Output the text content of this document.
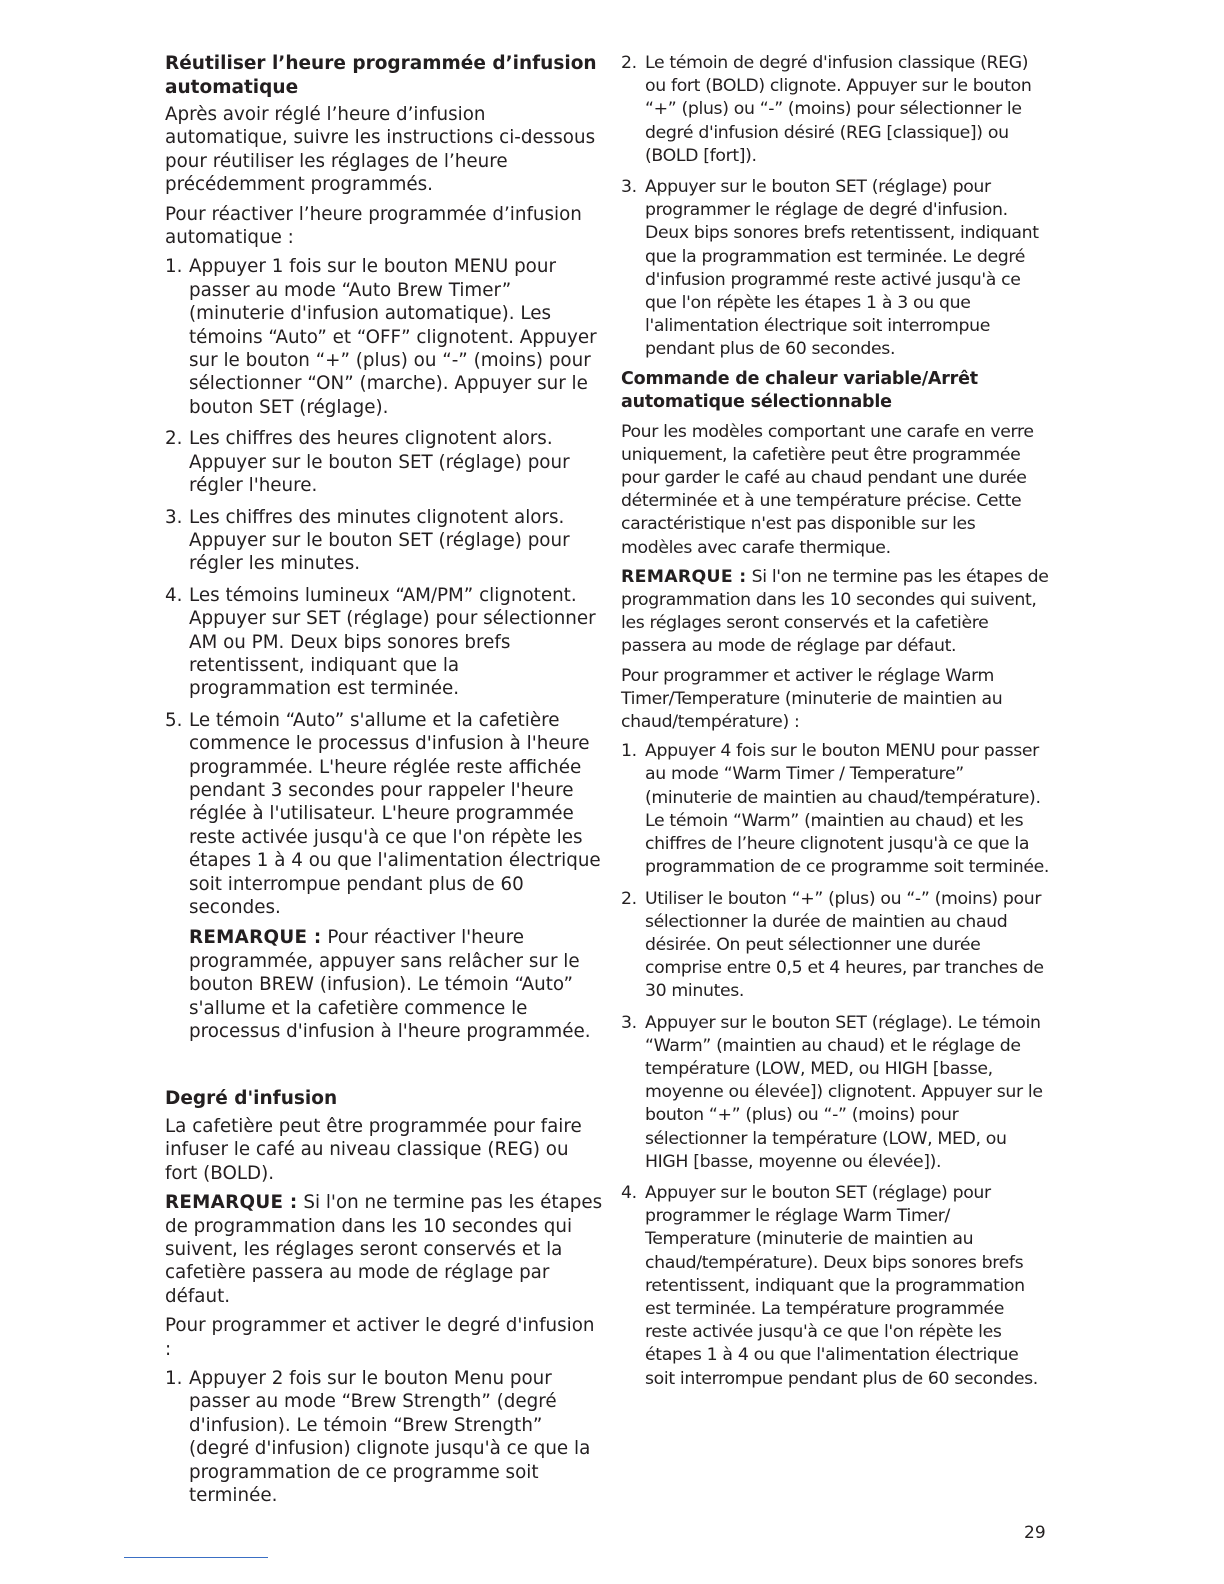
Réutiliser l’heure programmée d’infusion automatique

Après avoir réglé l’heure d’infusion automatique, suivre les instructions ci-dessous pour réutiliser les réglages de l’heure précédemment programmés.

Pour réactiver l’heure programmée d’infusion automatique :

1. Appuyer 1 fois sur le bouton MENU pour passer au mode “Auto Brew Timer” (minuterie d'infusion automatique). Les témoins “Auto” et “OFF” clignotent. Appuyer sur le bouton “+” (plus) ou “-” (moins) pour sélectionner “ON” (marche). Appuyer sur le bouton SET (réglage).
2. Les chiffres des heures clignotent alors. Appuyer sur le bouton SET (réglage) pour régler l'heure.
3. Les chiffres des minutes clignotent alors. Appuyer sur le bouton SET (réglage) pour régler les minutes.
4. Les témoins lumineux “AM/PM” clignotent. Appuyer sur SET (réglage) pour sélectionner AM ou PM. Deux bips sonores brefs retentissent, indiquant que la programmation est terminée.
5. Le témoin “Auto” s'allume et la cafetière commence le processus d'infusion à l'heure programmée. L'heure réglée reste affichée pendant 3 secondes pour rappeler l'heure réglée à l'utilisateur. L'heure programmée reste activée jusqu'à ce que l'on répète les étapes 1 à 4 ou que l'alimentation électrique soit interrompue pendant plus de 60 secondes.

REMARQUE : Pour réactiver l'heure programmée, appuyer sans relâcher sur le bouton BREW (infusion). Le témoin “Auto” s'allume et la cafetière commence le processus d'infusion à l'heure programmée.

Degré d'infusion

La cafetière peut être programmée pour faire infuser le café au niveau classique (REG) ou fort (BOLD).

REMARQUE : Si l'on ne termine pas les étapes de programmation dans les 10 secondes qui suivent, les réglages seront conservés et la cafetière passera au mode de réglage par défaut.

Pour programmer et activer le degré d'infusion :

1. Appuyer 2 fois sur le bouton Menu pour passer au mode “Brew Strength” (degré d'infusion). Le témoin “Brew Strength” (degré d'infusion) clignote jusqu'à ce que la programmation de ce programme soit terminée.
2. Le témoin de degré d'infusion classique (REG) ou fort (BOLD) clignote. Appuyer sur le bouton “+” (plus) ou “-” (moins) pour sélectionner le degré d'infusion désiré (REG [classique]) ou (BOLD [fort]).
3. Appuyer sur le bouton SET (réglage) pour programmer le réglage de degré d'infusion. Deux bips sonores brefs retentissent, indiquant que la programmation est terminée. Le degré d'infusion programmé reste activé jusqu'à ce que l'on répète les étapes 1 à 3 ou que l'alimentation électrique soit interrompue pendant plus de 60 secondes.
Commande de chaleur variable/Arrêt automatique sélectionnable

Pour les modèles comportant une carafe en verre uniquement, la cafetière peut être programmée pour garder le café au chaud pendant une durée déterminée et à une température précise. Cette caractéristique n'est pas disponible sur les modèles avec carafe thermique.

REMARQUE : Si l'on ne termine pas les étapes de programmation dans les 10 secondes qui suivent, les réglages seront conservés et la cafetière passera au mode de réglage par défaut.

Pour programmer et activer le réglage Warm Timer/Temperature (minuterie de maintien au chaud/température) :

1. Appuyer 4 fois sur le bouton MENU pour passer au mode “Warm Timer / Temperature” (minuterie de maintien au chaud/température). Le témoin “Warm” (maintien au chaud) et les chiffres de l’heure clignotent jusqu'à ce que la programmation de ce programme soit terminée.
2. Utiliser le bouton “+” (plus) ou “-” (moins) pour sélectionner la durée de maintien au chaud désirée. On peut sélectionner une durée comprise entre 0,5 et 4 heures, par tranches de 30 minutes.
3. Appuyer sur le bouton SET (réglage). Le témoin “Warm” (maintien au chaud) et le réglage de température (LOW, MED, ou HIGH [basse, moyenne ou élevée]) clignotent. Appuyer sur le bouton “+” (plus) ou “-” (moins) pour sélectionner la température (LOW, MED, ou HIGH [basse, moyenne ou élevée]).
4. Appuyer sur le bouton SET (réglage) pour programmer le réglage Warm Timer/ Temperature (minuterie de maintien au chaud/température). Deux bips sonores brefs retentissent, indiquant que la programmation est terminée. La température programmée reste activée jusqu'à ce que l'on répète les étapes 1 à 4 ou que l'alimentation électrique soit interrompue pendant plus de 60 secondes.
29
